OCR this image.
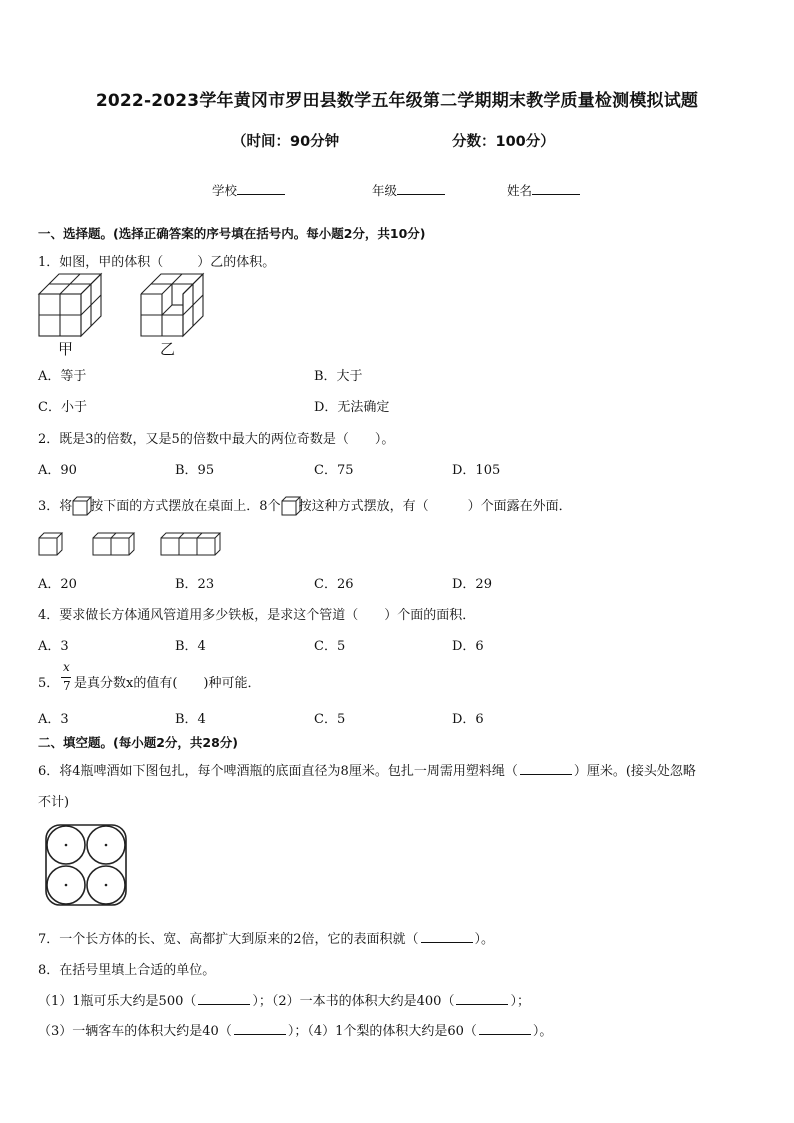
2022-2023学年黄冈市罗田县数学五年级第二学期期末教学质量检测模拟试题
（时间：90分钟	分数：100分）
学校	年级	姓名
一、选择题。(选择正确答案的序号填在括号内。每小题2分，共10分)
1．如图，甲的体积（	）乙的体积。
甲	乙
A．等于	B．大于
C．小于	D．无法确定
2．既是3的倍数，又是5的倍数中最大的两位奇数是（　　）。
A．90	B．95	C．75	D．105
3．将 按下面的方式摆放在桌面上．8个 按这种方式摆放，有（　　　）个面露在外面．
A．20	B．23	C．26	D．29
4．要求做长方体通风管道用多少铁板，是求这个管道（　　）个面的面积．
A．3	B．4	C．5	D．6
5．
x
7 是真分数x的值有(　　)种可能．
A．3	B．4	C．5	D．6
二、填空题。(每小题2分，共28分)
6．将4瓶啤酒如下图包扎，每个啤酒瓶的底面直径为8厘米。包扎一周需用塑料绳（	）厘米。(接头处忽略
不计)
7．一个长方体的长、宽、高都扩大到原来的2倍，它的表面积就（	）。
8．在括号里填上合适的单位。
（1）1瓶可乐大约是500（	）；（2）一本书的体积大约是400（	）；
（3）一辆客车的体积大约是40（	）；（4）1个梨的体积大约是60（	）。
